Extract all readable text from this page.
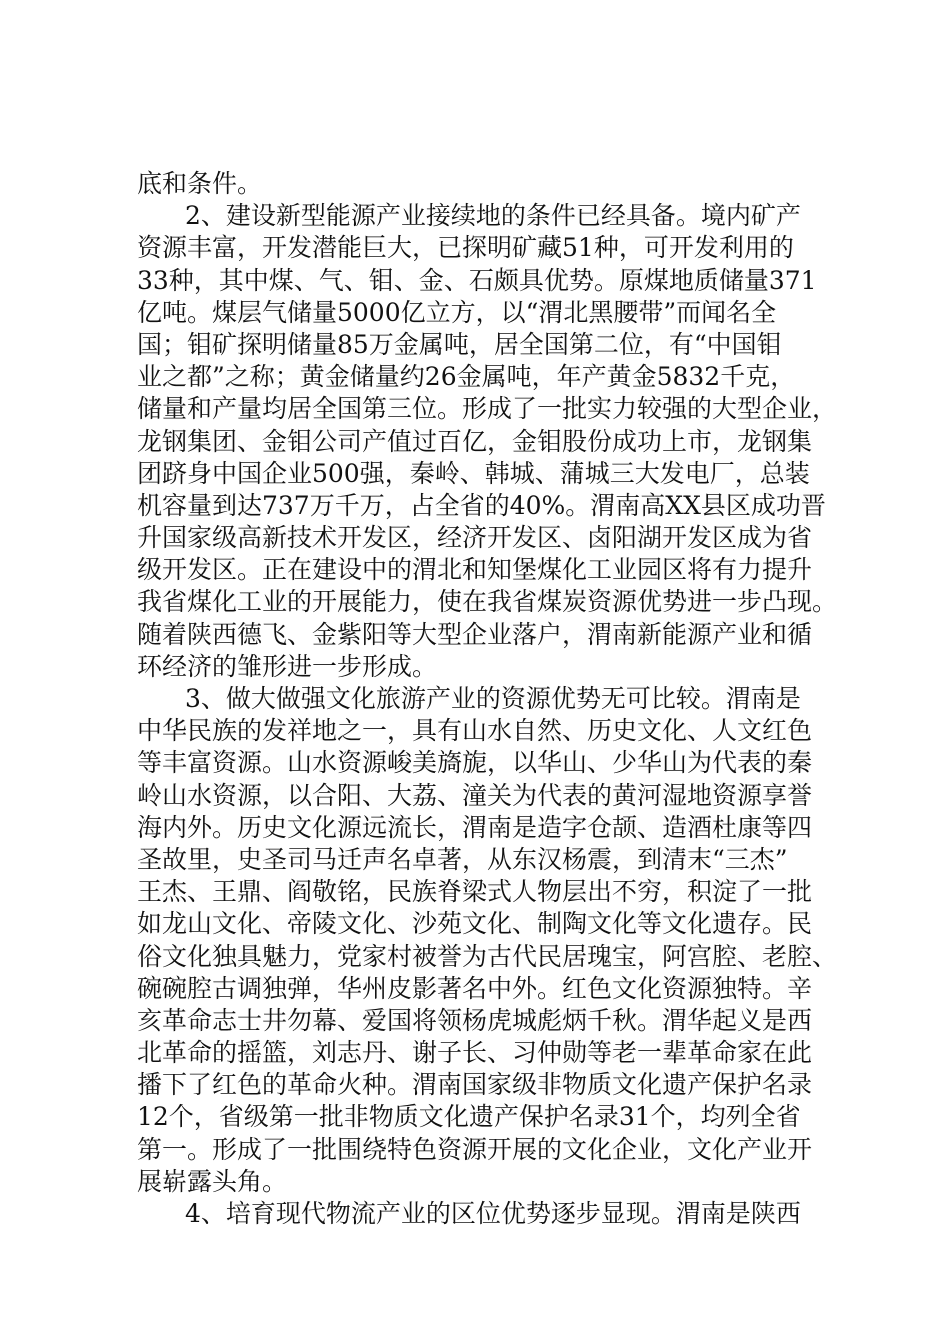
底和条件。
2、建设新型能源产业接续地的条件已经具备。境内矿产
资源丰富，开发潜能巨大，已探明矿藏51种，可开发利用的
33种，其中煤、气、钼、金、石颇具优势。原煤地质储量371
亿吨。煤层气储量5000亿立方，以“渭北黑腰带”而闻名全
国；钼矿探明储量85万金属吨，居全国第二位，有“中国钼
业之都”之称；黄金储量约26金属吨，年产黄金5832千克，
储量和产量均居全国第三位。形成了一批实力较强的大型企业，
龙钢集团、金钼公司产值过百亿，金钼股份成功上市，龙钢集
团跻身中国企业500强，秦岭、韩城、蒲城三大发电厂，总装
机容量到达737万千万，占全省的40%。渭南高XX县区成功晋
升国家级高新技术开发区，经济开发区、卤阳湖开发区成为省
级开发区。正在建设中的渭北和知堡煤化工业园区将有力提升
我省煤化工业的开展能力，使在我省煤炭资源优势进一步凸现。
随着陕西德飞、金紫阳等大型企业落户，渭南新能源产业和循
环经济的雏形进一步形成。
3、做大做强文化旅游产业的资源优势无可比较。渭南是
中华民族的发祥地之一，具有山水自然、历史文化、人文红色
等丰富资源。山水资源峻美旖旎，以华山、少华山为代表的秦
岭山水资源，以合阳、大荔、潼关为代表的黄河湿地资源享誉
海内外。历史文化源远流长，渭南是造字仓颉、造酒杜康等四
圣故里，史圣司马迁声名卓著，从东汉杨震，到清末“三杰”
王杰、王鼎、阎敬铭，民族脊梁式人物层出不穷，积淀了一批
如龙山文化、帝陵文化、沙苑文化、制陶文化等文化遗存。民
俗文化独具魅力，党家村被誉为古代民居瑰宝，阿宫腔、老腔、
碗碗腔古调独弹，华州皮影著名中外。红色文化资源独特。辛
亥革命志士井勿幕、爱国将领杨虎城彪炳千秋。渭华起义是西
北革命的摇篮，刘志丹、谢子长、习仲勋等老一辈革命家在此
播下了红色的革命火种。渭南国家级非物质文化遗产保护名录
12个，省级第一批非物质文化遗产保护名录31个，均列全省
第一。形成了一批围绕特色资源开展的文化企业，文化产业开
展崭露头角。
4、培育现代物流产业的区位优势逐步显现。渭南是陕西
